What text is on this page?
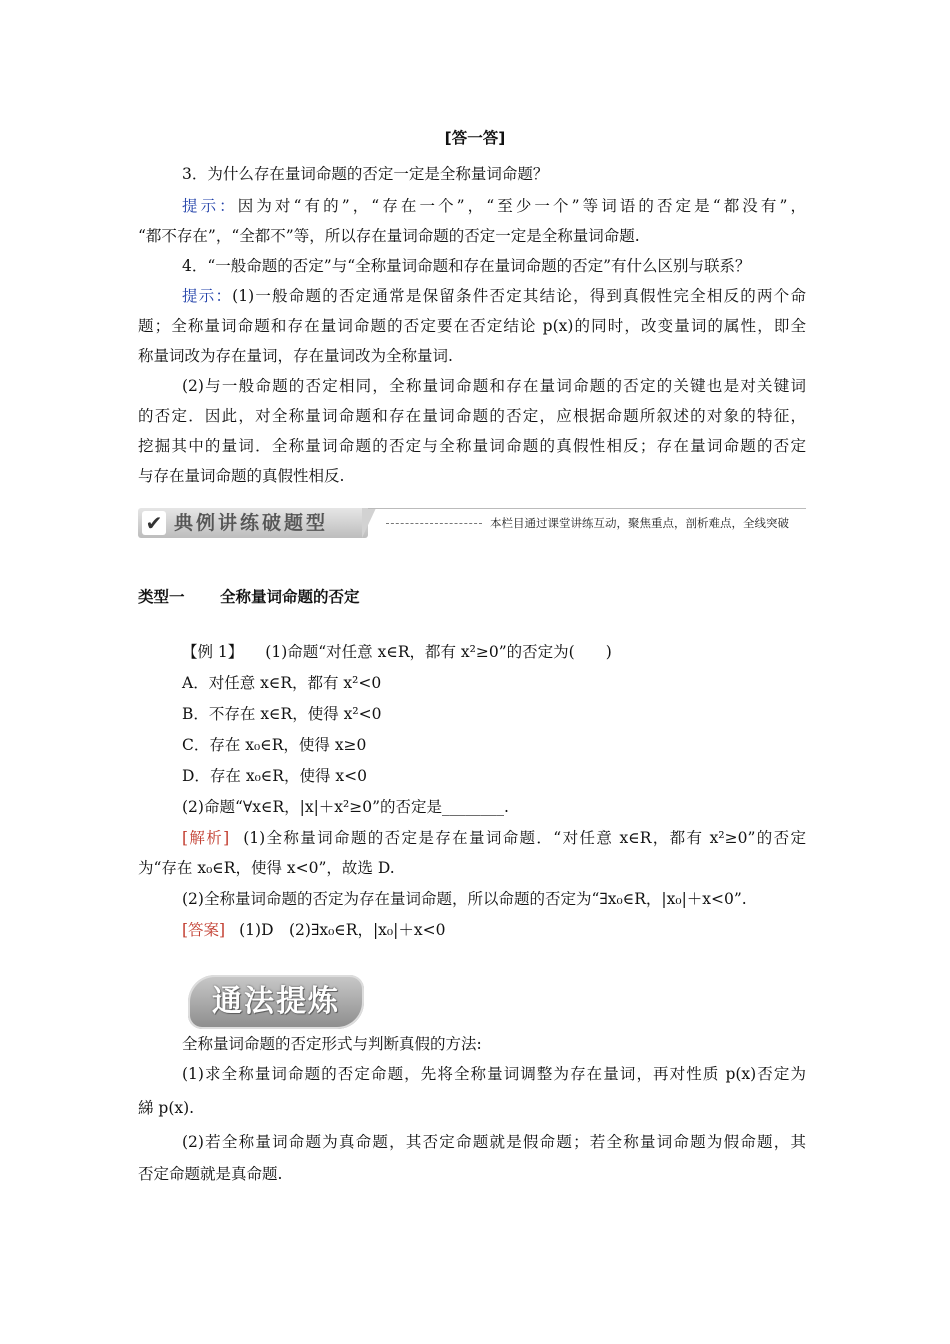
[答一答]
3．为什么存在量词命题的否定一定是全称量词命题？
提示：因为对“有的”，“存在一个”，“至少一个”等词语的否定是“都没有”，
“都不存在”，“全都不”等，所以存在量词命题的否定一定是全称量词命题.
4．“一般命题的否定”与“全称量词命题和存在量词命题的否定”有什么区别与联系？
提示：(1)一般命题的否定通常是保留条件否定其结论，得到真假性完全相反的两个命
题；全称量词命题和存在量词命题的否定要在否定结论 p(x)的同时，改变量词的属性，即全
称量词改为存在量词，存在量词改为全称量词.
(2)与一般命题的否定相同，全称量词命题和存在量词命题的否定的关键也是对关键词
的否定．因此，对全称量词命题和存在量词命题的否定，应根据命题所叙述的对象的特征，
挖掘其中的量词．全称量词命题的否定与全称量词命题的真假性相反；存在量词命题的否定
与存在量词命题的真假性相反.
✔ 典例讲练破题型	本栏目通过课堂讲练互动，聚焦重点，剖析难点，全线突破
类型一 全称量词命题的否定
【例 1】 (1)命题“对任意 x∈R，都有 x²≥0”的否定为(　　)
A．对任意 x∈R，都有 x²<0
B．不存在 x∈R，使得 x²<0
C．存在 x₀∈R，使得 x≥0
D．存在 x₀∈R，使得 x<0
(2)命题“∀x∈R，|x|＋x²≥0”的否定是________.
[解析] (1)全称量词命题的否定是存在量词命题．“对任意 x∈R，都有 x²≥0”的否定
为“存在 x₀∈R，使得 x<0”，故选 D.
(2)全称量词命题的否定为存在量词命题，所以命题的否定为“∃x₀∈R，|x₀|＋x<0”.
[答案] (1)D　(2)∃x₀∈R，|x₀|＋x<0
通法提炼
全称量词命题的否定形式与判断真假的方法:
(1)求全称量词命题的否定命题，先将全称量词调整为存在量词，再对性质 p(x)否定为
綈 p(x).
(2)若全称量词命题为真命题，其否定命题就是假命题；若全称量词命题为假命题，其
否定命题就是真命题.
